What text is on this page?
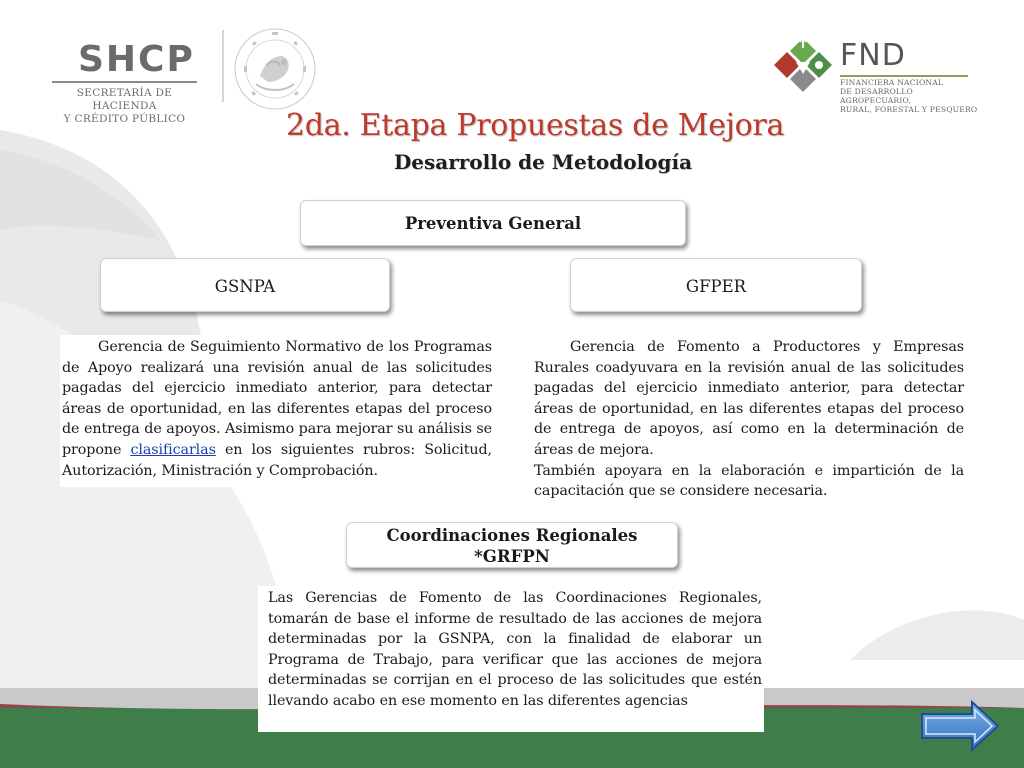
SHCP
SECRETARÍA DE HACIENDA
Y CRÉDITO PÚBLICO
FND
FINANCIERA NACIONAL
DE DESARROLLO AGROPECUARIO,
RURAL, FORESTAL Y PESQUERO
2da. Etapa Propuestas de Mejora
Desarrollo de Metodología
Preventiva General
GSNPA	GFPER

Gerencia de Seguimiento Normativo de los Programas de Apoyo realizará una revisión anual de las solicitudes pagadas del ejercicio inmediato anterior, para detectar áreas de oportunidad, en las diferentes etapas del proceso de entrega de apoyos. Asimismo para mejorar su análisis se propone clasificarlas en los siguientes rubros: Solicitud, Autorización, Ministración y Comprobación.

Gerencia de Fomento a Productores y Empresas Rurales coadyuvara en la revisión anual de las solicitudes pagadas del ejercicio inmediato anterior, para detectar áreas de oportunidad, en las diferentes etapas del proceso de entrega de apoyos, así como en la determinación de áreas de mejora.

También apoyara en la elaboración e impartición de la capacitación que se considere necesaria.

Coordinaciones Regionales
*GRFPN

Las Gerencias de Fomento de las Coordinaciones Regionales, tomarán de base el informe de resultado de las acciones de mejora determinadas por la GSNPA, con la finalidad de elaborar un Programa de Trabajo, para verificar que las acciones de mejora determinadas se corrijan en el proceso de las solicitudes que estén llevando acabo en ese momento en las diferentes agencias
